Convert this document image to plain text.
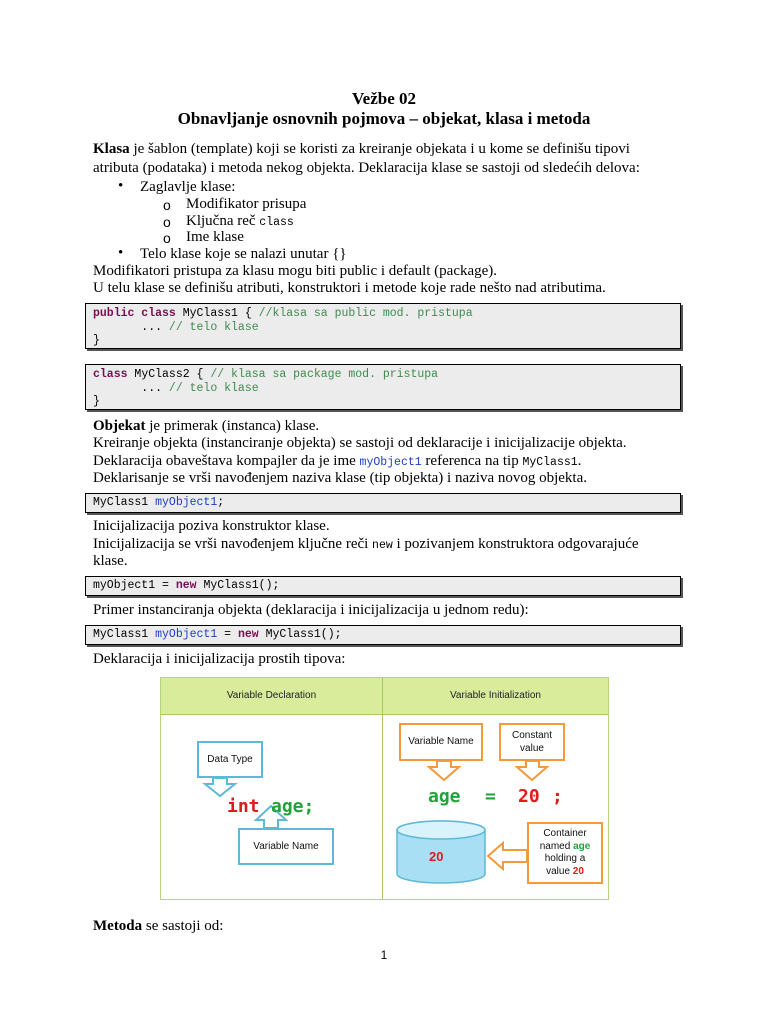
Vežbe 02
Obnavljanje osnovnih pojmova – objekat, klasa i metoda
Klasa je šablon (template) koji se koristi za kreiranje objekata i u kome se definišu tipovi
atributa (podataka) i metoda nekog objekta. Deklaracija klase se sastoji od sledećih delova:
• Zaglavlje klase:
o Modifikator prisupa
o Ključna reč class
o Ime klase
• Telo klase koje se nalazi unutar {}
Modifikatori pristupa za klasu mogu biti public i default (package).
U telu klase se definišu atributi, konstruktori i metode koje rade nešto nad atributima.
public class MyClass1 { //klasa sa public mod. pristupa
... // telo klase
}
class MyClass2 { // klasa sa package mod. pristupa
... // telo klase
}
Objekat je primerak (instanca) klase.
Kreiranje objekta (instanciranje objekta) se sastoji od deklaracije i inicijalizacije objekta.
Deklaracija obaveštava kompajler da je ime myObject1 referenca na tip MyClass1.
Deklarisanje se vrši navođenjem naziva klase (tip objekta) i naziva novog objekta.
MyClass1 myObject1;
Inicijalizacija poziva konstruktor klase.
Inicijalizacija se vrši navođenjem ključne reči new i pozivanjem konstruktora odgovarajuće
klase.
myObject1 = new MyClass1();
Primer instanciranja objekta (deklaracija i inicijalizacija u jednom redu):
MyClass1 myObject1 = new MyClass1();
Deklaracija i inicijalizacija prostih tipova:
Variable Declaration	Variable Initialization
Data Type
int age;
Variable Name
Variable Name
Constant value
age = 20 ;
20
Container
named age
holding a
value 20
Metoda se sastoji od:
1
